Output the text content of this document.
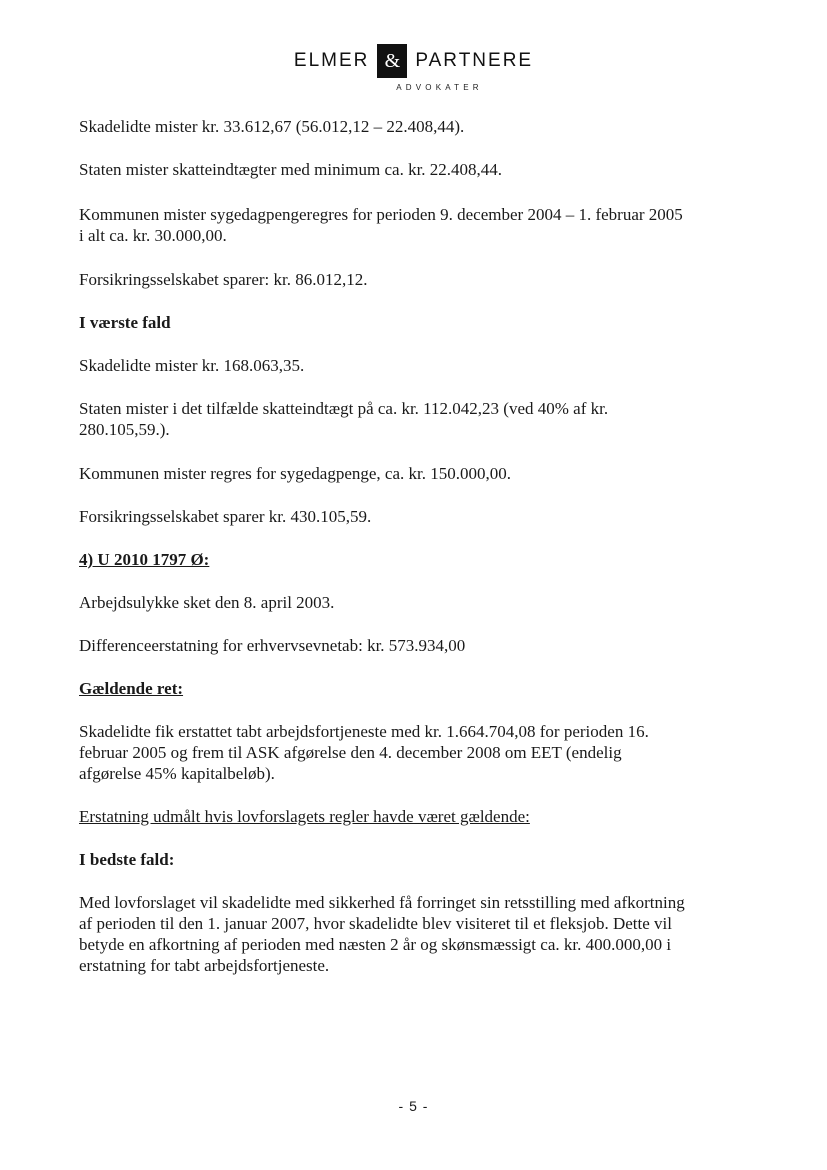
ELMER & PARTNERE
ADVOKATER

Skadelidte mister kr. 33.612,67 (56.012,12 – 22.408,44).

Staten mister skatteindtægter med minimum ca. kr. 22.408,44.

Kommunen mister sygedagpengeregres for perioden 9. december 2004 – 1. februar 2005

i alt ca. kr. 30.000,00.

Forsikringsselskabet sparer: kr. 86.012,12.

I værste fald

Skadelidte mister kr. 168.063,35.

Staten mister i det tilfælde skatteindtægt på ca. kr. 112.042,23 (ved 40% af kr.

280.105,59.).

Kommunen mister regres for sygedagpenge, ca. kr. 150.000,00.

Forsikringsselskabet sparer kr. 430.105,59.

4) U 2010 1797 Ø:

Arbejdsulykke sket den 8. april 2003.

Differenceerstatning for erhvervsevnetab: kr. 573.934,00

Gældende ret:

Skadelidte fik erstattet tabt arbejdsfortjeneste med kr. 1.664.704,08 for perioden 16.

februar 2005 og frem til ASK afgørelse den 4. december 2008 om EET (endelig

afgørelse 45% kapitalbeløb).

Erstatning udmålt hvis lovforslagets regler havde været gældende:

I bedste fald:

Med lovforslaget vil skadelidte med sikkerhed få forringet sin retsstilling med afkortning

af perioden til den 1. januar 2007, hvor skadelidte blev visiteret til et fleksjob. Dette vil

betyde en afkortning af perioden med næsten 2 år og skønsmæssigt ca. kr. 400.000,00 i

erstatning for tabt arbejdsfortjeneste.

- 5 -
